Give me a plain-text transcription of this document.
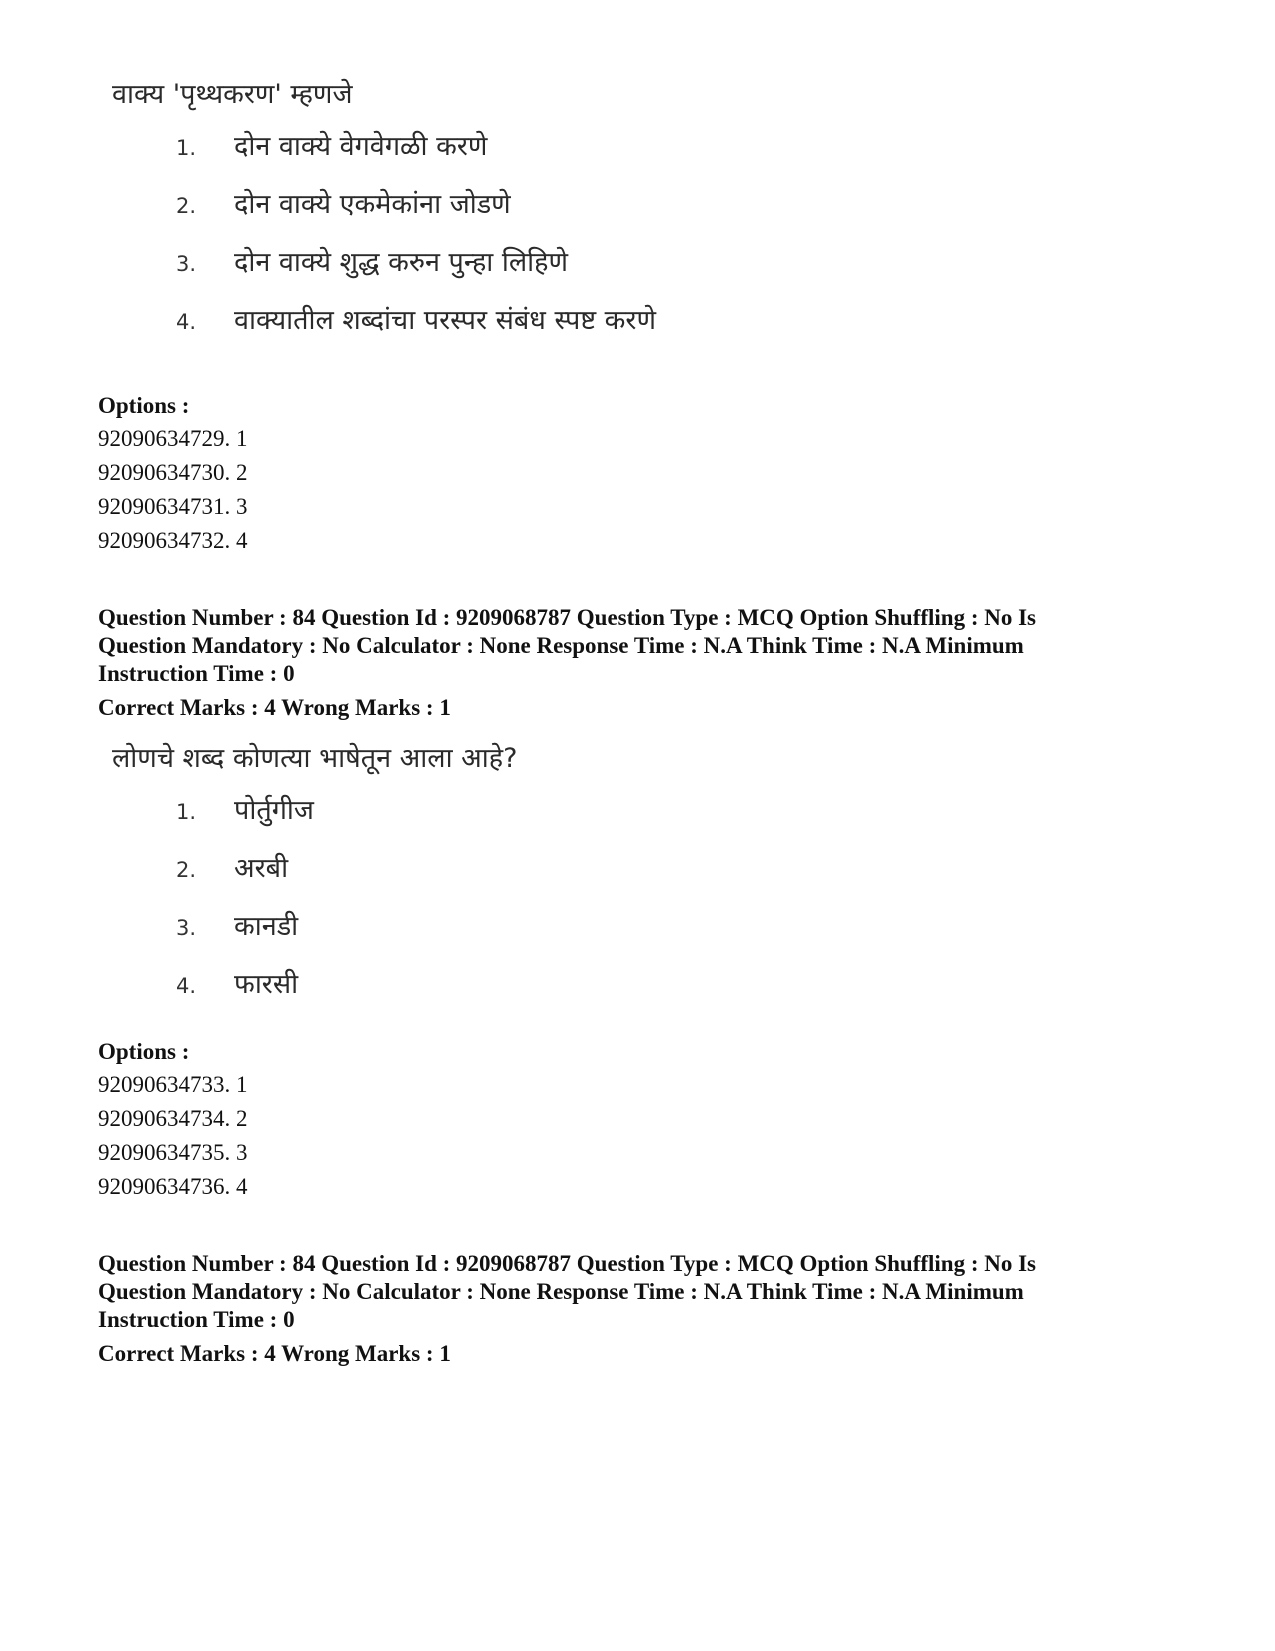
वाक्य 'पृथ्थकरण' म्हणजे

1. दोन वाक्ये वेगवेगळी करणे
2. दोन वाक्ये एकमेकांना जोडणे
3. दोन वाक्ये शुद्ध करुन पुन्हा लिहिणे
4. वाक्यातील शब्दांचा परस्पर संबंध स्पष्ट करणे
Options :
92090634729. 1
92090634730. 2
92090634731. 3
92090634732. 4

Question Number : 84 Question Id : 9209068787 Question Type : MCQ Option Shuffling : No Is

Question Mandatory : No Calculator : None Response Time : N.A Think Time : N.A Minimum

Instruction Time : 0

Correct Marks : 4 Wrong Marks : 1

लोणचे शब्द कोणत्या भाषेतून आला आहे?

1. पोर्तुगीज
2. अरबी
3. कानडी
4. फारसी
Options :
92090634733. 1
92090634734. 2
92090634735. 3
92090634736. 4

Question Number : 84 Question Id : 9209068787 Question Type : MCQ Option Shuffling : No Is

Question Mandatory : No Calculator : None Response Time : N.A Think Time : N.A Minimum

Instruction Time : 0

Correct Marks : 4 Wrong Marks : 1
